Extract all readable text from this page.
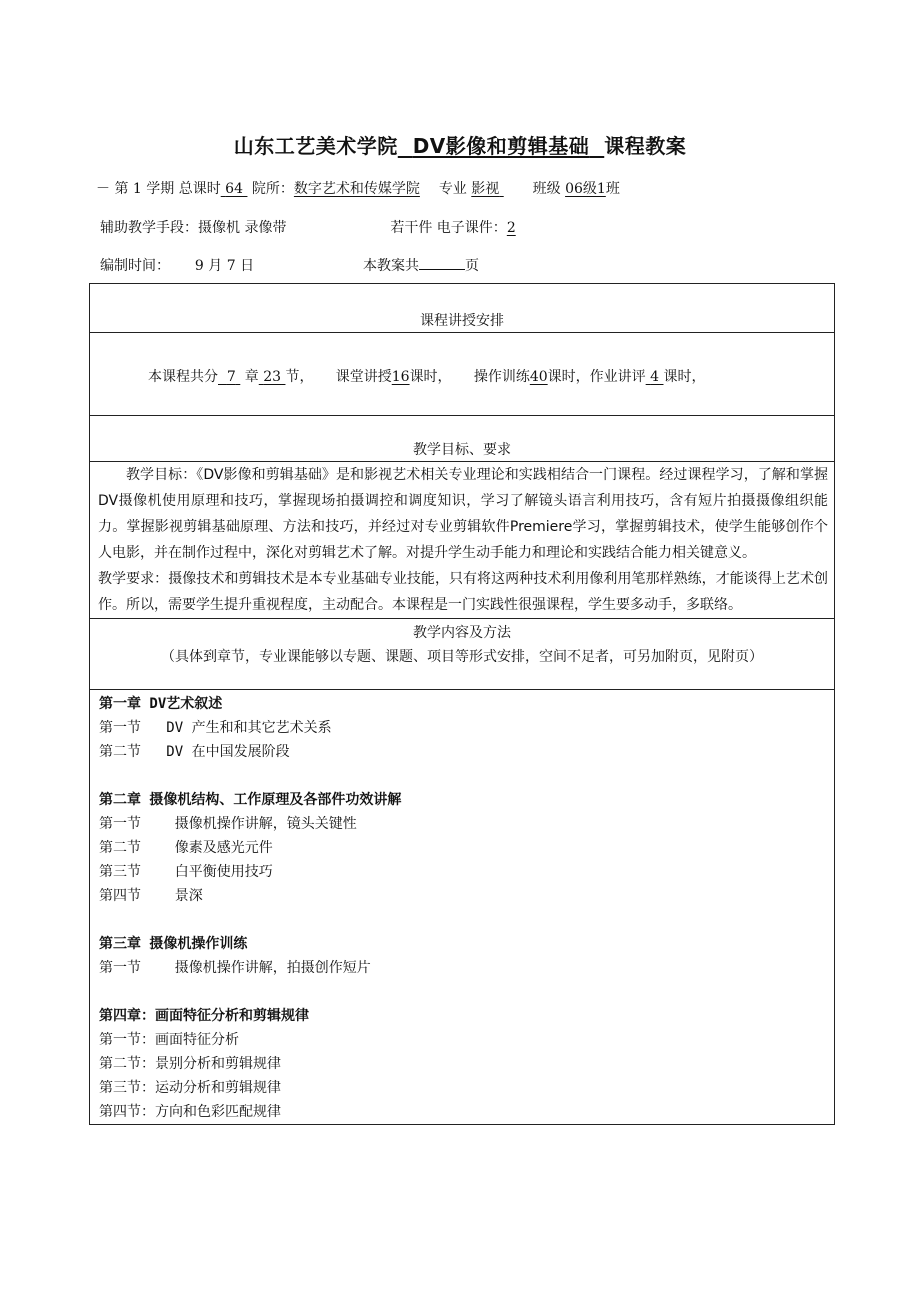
山东工艺美术学院 DV影像和剪辑基础 课程教案
－ 第 1 学期 总课时 64 院所：数字艺术和传媒学院 专业 影视 班级 06级1班
辅助教学手段：摄像机 录像带	若干件 电子课件：2
编制时间： 9 月 7 日	本教案共	页
课程讲授安排

本课程共分 7 章 23 节， 课堂讲授16课时， 操作训练40课时，作业讲评 4 课时，

教学目标、要求

教学目标：《DV影像和剪辑基础》是和影视艺术相关专业理论和实践相结合一门课程。经过课程学习，了解和掌握DV摄像机使用原理和技巧，掌握现场拍摄调控和调度知识，学习了解镜头语言利用技巧，含有短片拍摄摄像组织能力。掌握影视剪辑基础原理、方法和技巧，并经过对专业剪辑软件Premiere学习，掌握剪辑技术，使学生能够创作个人电影，并在制作过程中，深化对剪辑艺术了解。对提升学生动手能力和理论和实践结合能力相关键意义。
教学要求：摄像技术和剪辑技术是本专业基础专业技能，只有将这两种技术利用像利用笔那样熟练，才能谈得上艺术创作。所以，需要学生提升重视程度，主动配合。本课程是一门实践性很强课程，学生要多动手，多联络。

教学内容及方法
（具体到章节，专业课能够以专题、课题、项目等形式安排，空间不足者，可另加附页，见附页）

第一章 DV艺术叙述
第一节   DV 产生和和其它艺术关系
第二节   DV 在中国发展阶段
第二章 摄像机结构、工作原理及各部件功效讲解
第一节    摄像机操作讲解，镜头关键性
第二节    像素及感光元件
第三节    白平衡使用技巧
第四节    景深
第三章 摄像机操作训练
第一节    摄像机操作讲解，拍摄创作短片
第四章：画面特征分析和剪辑规律
第一节：画面特征分析
第二节：景别分析和剪辑规律
第三节：运动分析和剪辑规律
第四节：方向和色彩匹配规律
